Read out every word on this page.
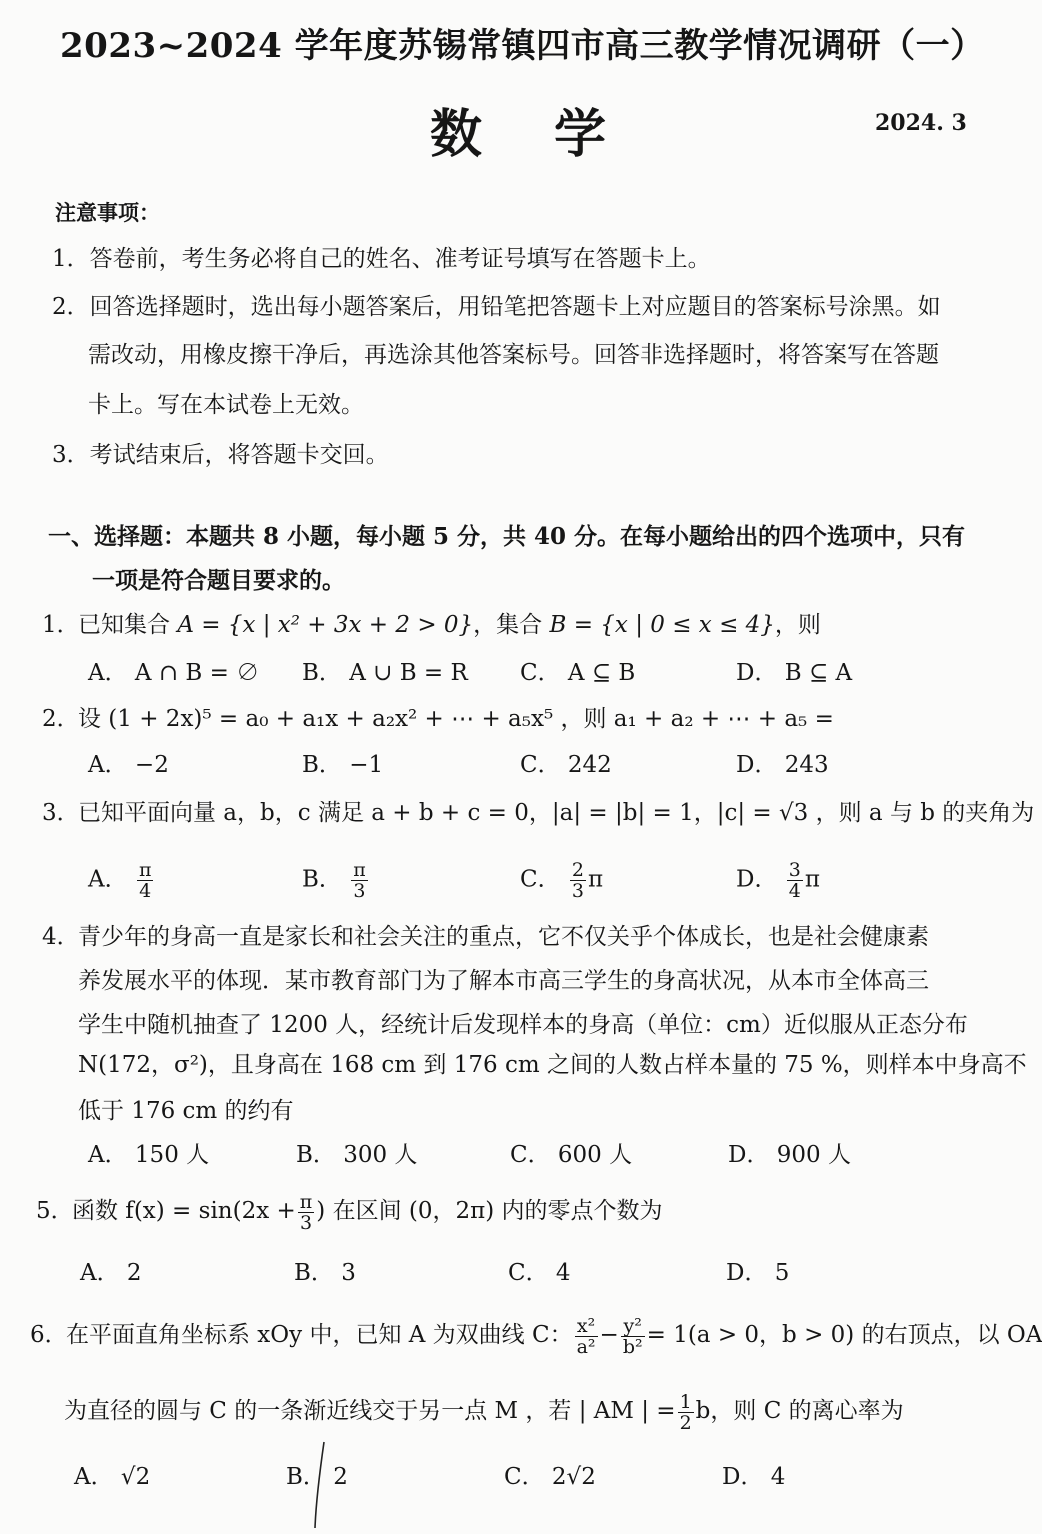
2023~2024 学年度苏锡常镇四市高三教学情况调研（一）
数学	2024. 3
注意事项：
1．答卷前，考生务必将自己的姓名、准考证号填写在答题卡上。
2．回答选择题时，选出每小题答案后，用铅笔把答题卡上对应题目的答案标号涂黑。如
需改动，用橡皮擦干净后，再选涂其他答案标号。回答非选择题时，将答案写在答题
卡上。写在本试卷上无效。
3．考试结束后，将答题卡交回。
一、选择题：本题共 8 小题，每小题 5 分，共 40 分。在每小题给出的四个选项中，只有
一项是符合题目要求的。
1．已知集合 A = {x | x² + 3x + 2 > 0}，集合 B = {x | 0 ≤ x ≤ 4}，则
A． A ∩ B = ∅ B． A ∪ B = R C． A ⊆ B	D． B ⊆ A
2．设 (1 + 2x)⁵ = a₀ + a₁x + a₂x² + ⋯ + a₅x⁵ ，则 a₁ + a₂ + ⋯ + a₅ =
A． −2	B． −1	C． 242	D． 243
3．已知平面向量 a，b，c 满足 a + b + c = 0，|a| = |b| = 1，|c| = √3 ，则 a 与 b 的夹角为
A． $\frac{\pi}{4}$	B． $\frac{\pi}{3}$	C． $\frac{2}{3}$ π	D． $\frac{3}{4}$ π
4．青少年的身高一直是家长和社会关注的重点，它不仅关乎个体成长，也是社会健康素
养发展水平的体现．某市教育部门为了解本市高三学生的身高状况，从本市全体高三
学生中随机抽查了 1200 人，经统计后发现样本的身高（单位：cm）近似服从正态分布
N(172，σ²)，且身高在 168 cm 到 176 cm 之间的人数占样本量的 75 %，则样本中身高不
低于 176 cm 的约有
A． 150 人	B． 300 人	C． 600 人	D． 900 人
5．函数 $f(x) = \sin(2x + \frac{\pi}{3}$ ) 在区间 (0，2π) 内的零点个数为
A． 2	B． 3	C． 4	D． 5
6．在平面直角坐标系 xOy 中，已知 A 为双曲线 C： $\frac{\text{x²}}{\text{a²}} - \frac{\text{y²}}{\text{b²}} = 1(a > 0$，b > 0) 的右顶点，以 OA
为直径的圆与 C 的一条渐近线交于另一点 M ，若 | AM | = $\frac{1}{2}$ b，则 C 的离心率为
A． √2	B． 2	C． 2√2	D． 4
